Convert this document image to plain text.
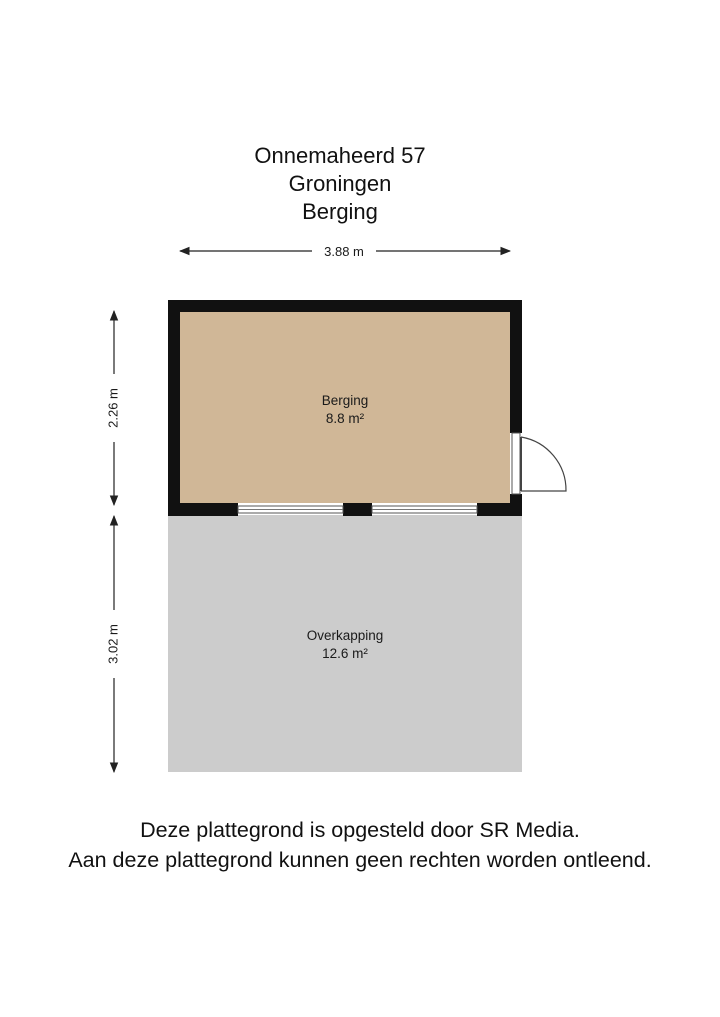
Onnemaheerd 57
Groningen
Berging
Berging
8.8 m²
Overkapping
12.6 m²
3.88 m
2.26 m
3.02 m
Deze plattegrond is opgesteld door SR Media.
Aan deze plattegrond kunnen geen rechten worden ontleend.
